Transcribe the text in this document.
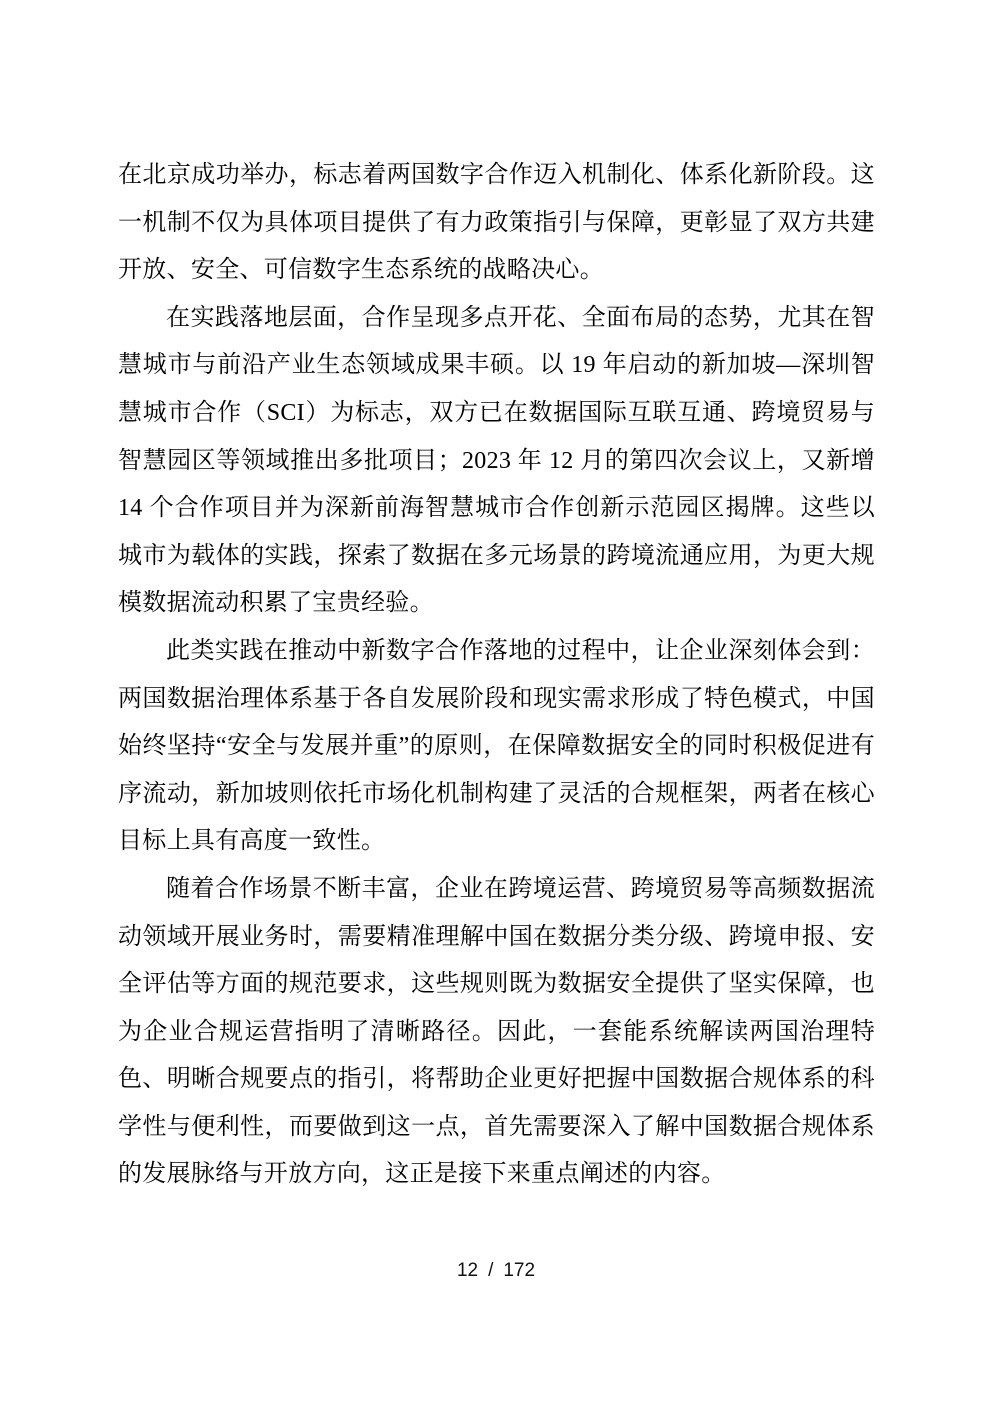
在北京成功举办，标志着两国数字合作迈入机制化、体系化新阶段。这一机制不仅为具体项目提供了有力政策指引与保障，更彰显了双方共建开放、安全、可信数字生态系统的战略决心。

在实践落地层面，合作呈现多点开花、全面布局的态势，尤其在智慧城市与前沿产业生态领域成果丰硕。以 19 年启动的新加坡—深圳智慧城市合作（SCI）为标志，双方已在数据国际互联互通、跨境贸易与智慧园区等领域推出多批项目；2023 年 12 月的第四次会议上，又新增 14 个合作项目并为深新前海智慧城市合作创新示范园区揭牌。这些以城市为载体的实践，探索了数据在多元场景的跨境流通应用，为更大规模数据流动积累了宝贵经验。

此类实践在推动中新数字合作落地的过程中，让企业深刻体会到：两国数据治理体系基于各自发展阶段和现实需求形成了特色模式，中国始终坚持“安全与发展并重”的原则，在保障数据安全的同时积极促进有序流动，新加坡则依托市场化机制构建了灵活的合规框架，两者在核心目标上具有高度一致性。

随着合作场景不断丰富，企业在跨境运营、跨境贸易等高频数据流动领域开展业务时，需要精准理解中国在数据分类分级、跨境申报、安全评估等方面的规范要求，这些规则既为数据安全提供了坚实保障，也为企业合规运营指明了清晰路径。因此，一套能系统解读两国治理特色、明晰合规要点的指引，将帮助企业更好把握中国数据合规体系的科学性与便利性，而要做到这一点，首先需要深入了解中国数据合规体系的发展脉络与开放方向，这正是接下来重点阐述的内容。

12 / 172
